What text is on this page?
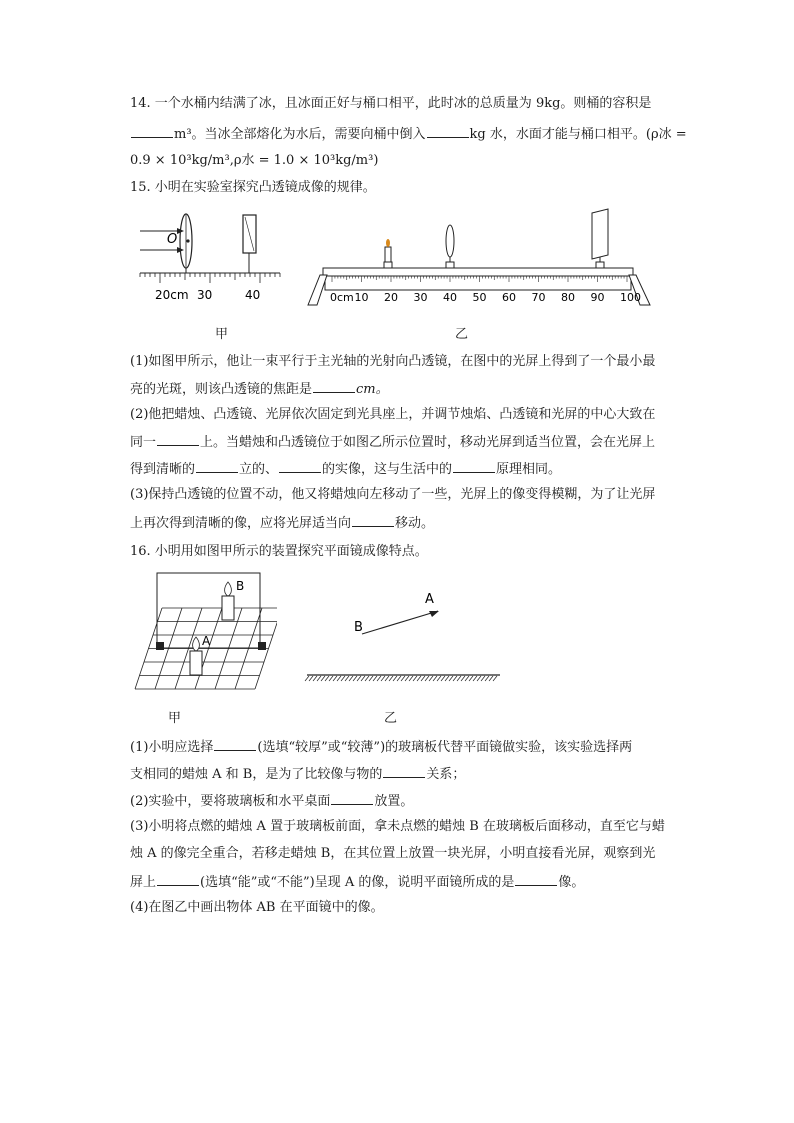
14. 一个水桶内结满了冰，且冰面正好与桶口相平，此时冰的总质量为 9kg。则桶的容积是
m³。当冰全部熔化为水后，需要向桶中倒入	kg 水，水面才能与桶口相平。(ρ冰 =
0.9 × 10³kg/m³,ρ水 = 1.0 × 10³kg/m³)
15. 小明在实验室探究凸透镜成像的规律。
O
20cm 30	40
甲
0cm 10 20 30 40 50 60 70 80 90 100
乙
(1)如图甲所示，他让一束平行于主光轴的光射向凸透镜，在图中的光屏上得到了一个最小最
亮的光斑，则该凸透镜的焦距是	cm。
(2)他把蜡烛、凸透镜、光屏依次固定到光具座上，并调节烛焰、凸透镜和光屏的中心大致在
同一	上。当蜡烛和凸透镜位于如图乙所示位置时，移动光屏到适当位置，会在光屏上
得到清晰的	立的、	的实像，这与生活中的	原理相同。
(3)保持凸透镜的位置不动，他又将蜡烛向左移动了一些，光屏上的像变得模糊，为了让光屏
上再次得到清晰的像，应将光屏适当向	移动。
16. 小明用如图甲所示的装置探究平面镜成像特点。
B
A
甲
A
B
乙
(1)小明应选择	(选填“较厚”或“较薄”)的玻璃板代替平面镜做实验，该实验选择两
支相同的蜡烛 A 和 B，是为了比较像与物的	关系；
(2)实验中，要将玻璃板和水平桌面	放置。
(3)小明将点燃的蜡烛 A 置于玻璃板前面，拿未点燃的蜡烛 B 在玻璃板后面移动，直至它与蜡
烛 A 的像完全重合，若移走蜡烛 B，在其位置上放置一块光屏，小明直接看光屏，观察到光
屏上	(选填“能”或“不能”)呈现 A 的像，说明平面镜所成的是	像。
(4)在图乙中画出物体 AB 在平面镜中的像。
